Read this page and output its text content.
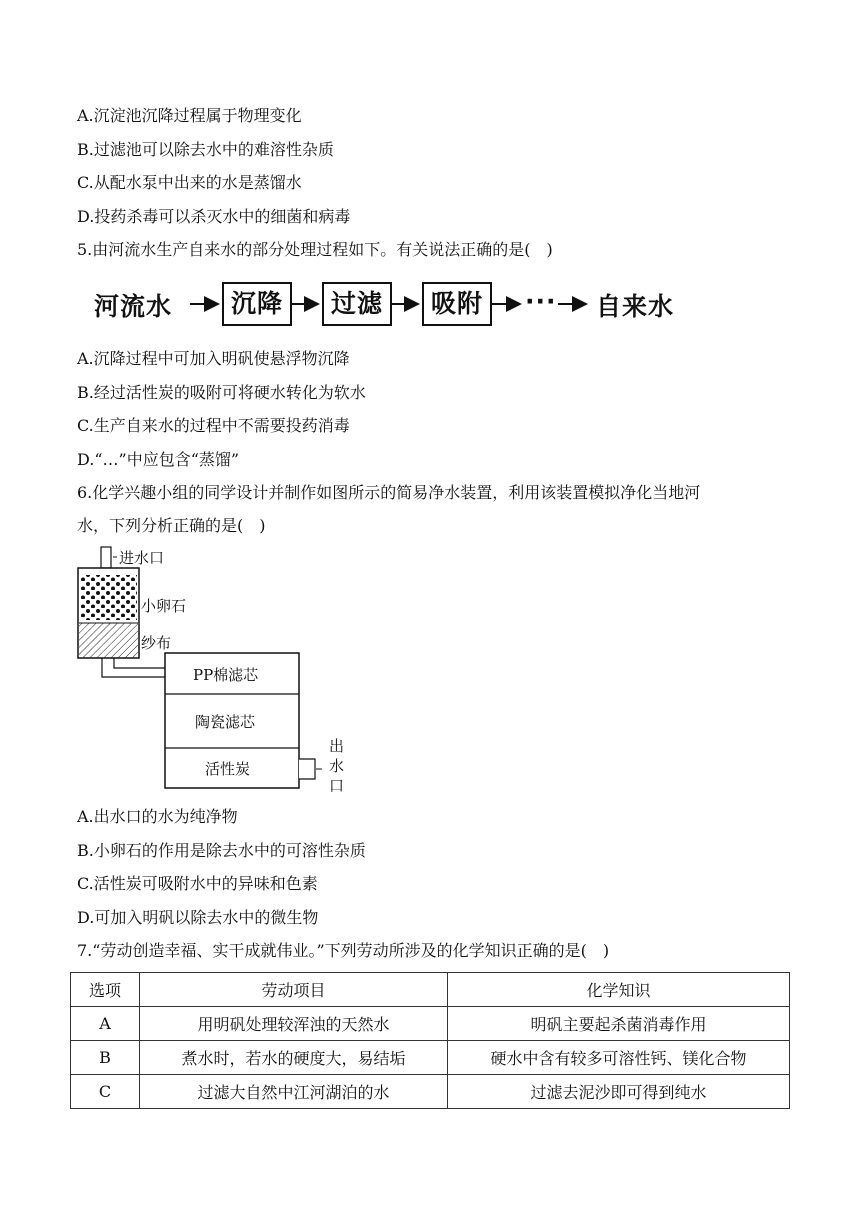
A.沉淀池沉降过程属于物理变化
B.过滤池可以除去水中的难溶性杂质
C.从配水泵中出来的水是蒸馏水
D.投药杀毒可以杀灭水中的细菌和病毒
5.由河流水生产自来水的部分处理过程如下。有关说法正确的是(　)
河流水	沉降	过滤	吸附	··· 自来水
A.沉降过程中可加入明矾使悬浮物沉降
B.经过活性炭的吸附可将硬水转化为软水
C.生产自来水的过程中不需要投药消毒
D.“…”中应包含“蒸馏”
6.化学兴趣小组的同学设计并制作如图所示的简易净水装置，利用该装置模拟净化当地河
水，下列分析正确的是(　)
进水口
小卵石
纱布
PP棉滤芯
陶瓷滤芯
活性炭
出
水
口
A.出水口的水为纯净物
B.小卵石的作用是除去水中的可溶性杂质
C.活性炭可吸附水中的异味和色素
D.可加入明矾以除去水中的微生物
7.“劳动创造幸福、实干成就伟业。”下列劳动所涉及的化学知识正确的是(　)
选项	劳动项目	化学知识
A	用明矾处理较浑浊的天然水	明矾主要起杀菌消毒作用
B	煮水时，若水的硬度大，易结垢	硬水中含有较多可溶性钙、镁化合物
C	过滤大自然中江河湖泊的水	过滤去泥沙即可得到纯水
